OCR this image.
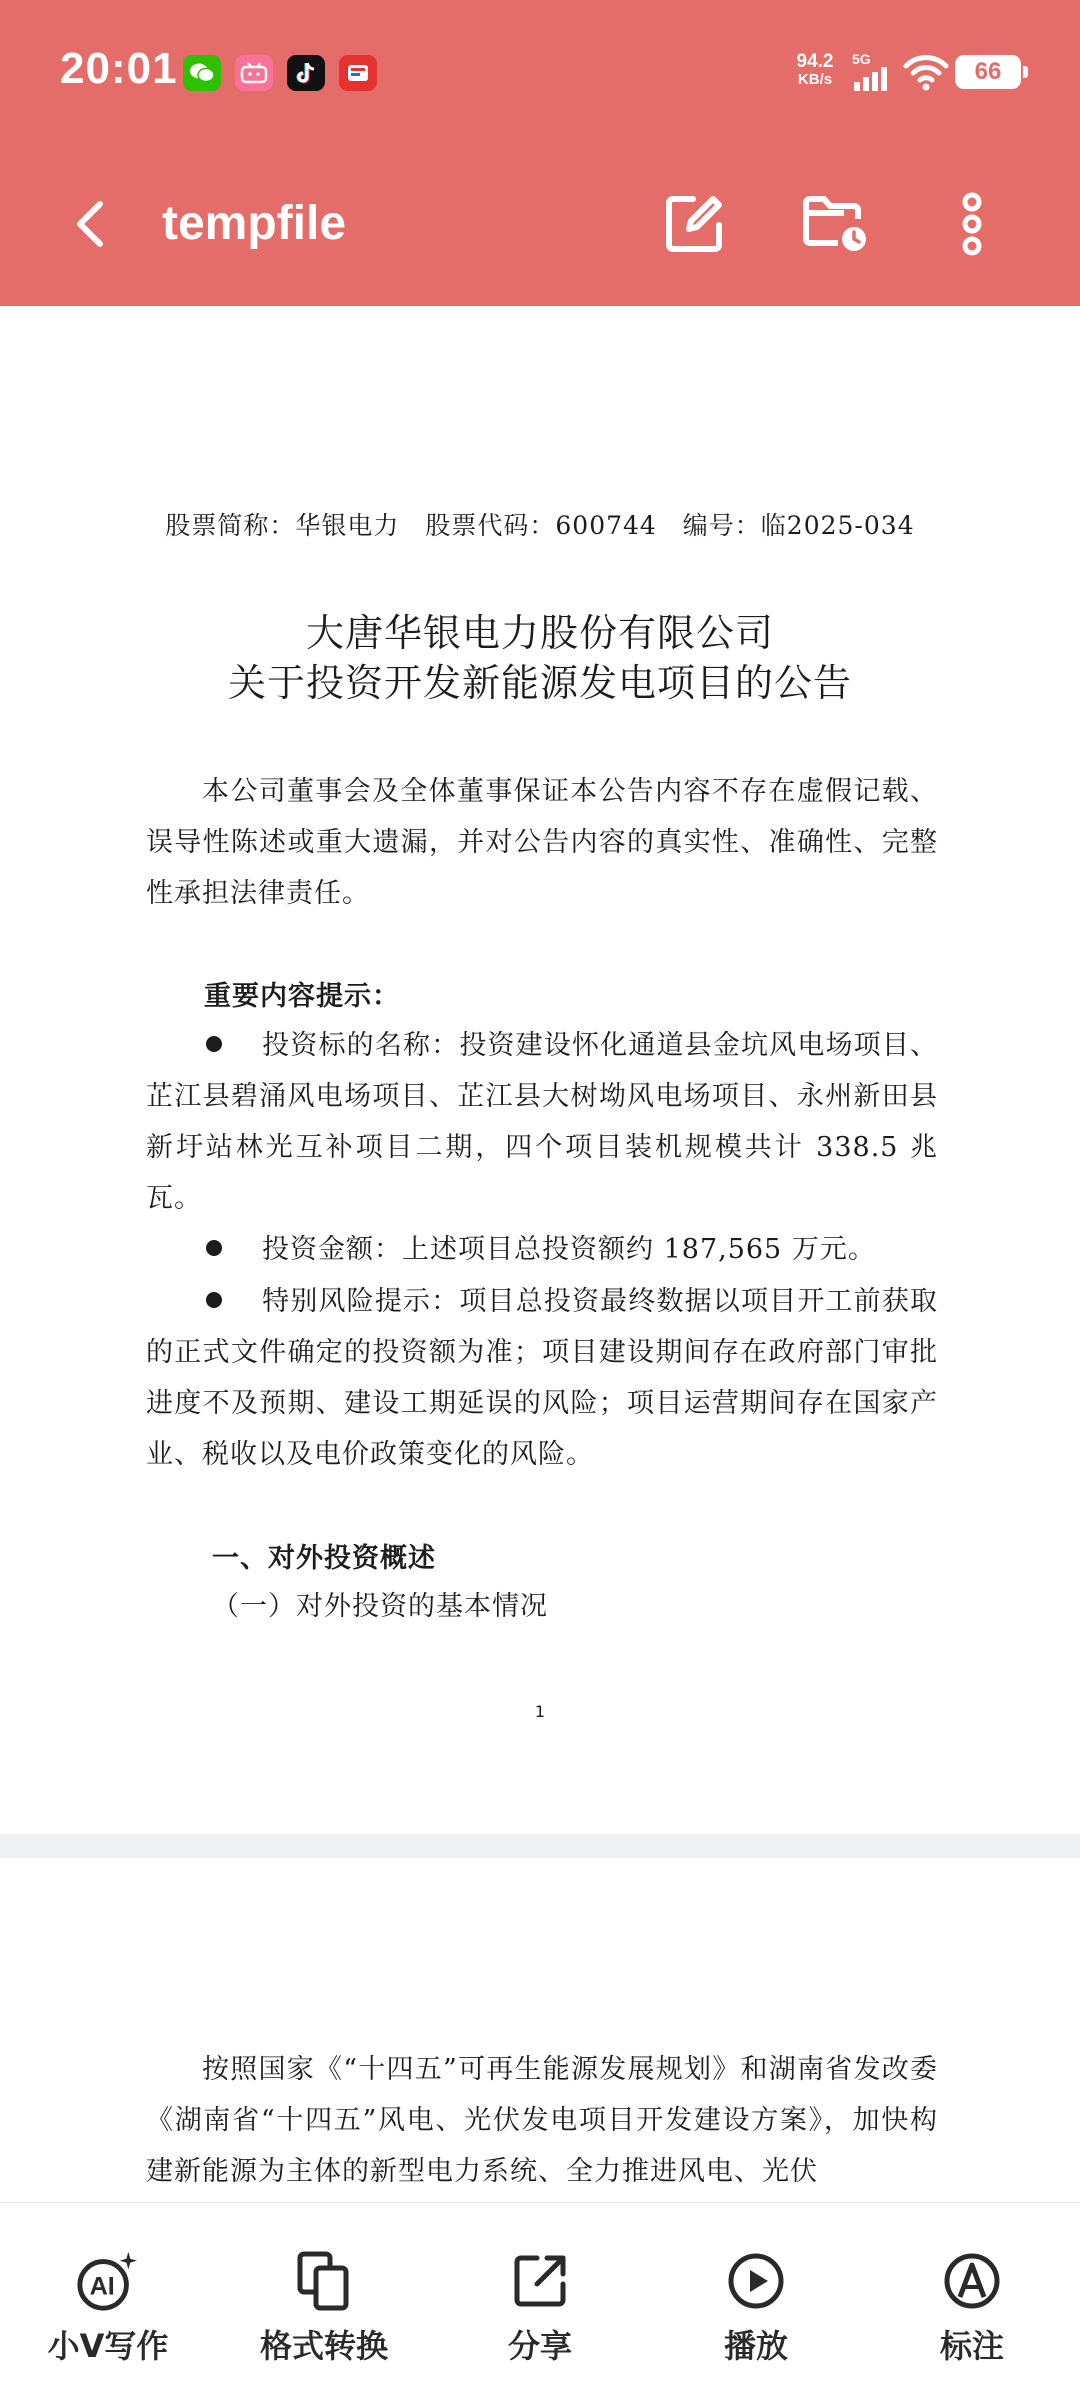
20:01	94.2
KB/s
5G	66
tempfile
股票简称：华银电力　股票代码：600744　编号：临2025-034
大唐华银电力股份有限公司
关于投资开发新能源发电项目的公告
本公司董事会及全体董事保证本公告内容不存在虚假记载、误导性陈述或重大遗漏，并对公告内容的真实性、准确性、完整性承担法律责任。
重要内容提示：
投资标的名称：投资建设怀化通道县金坑风电场项目、芷江县碧涌风电场项目、芷江县大树坳风电场项目、永州新田县新圩站林光互补项目二期，四个项目装机规模共计 338.5 兆瓦。
投资金额：上述项目总投资额约 187,565 万元。
特别风险提示：项目总投资最终数据以项目开工前获取的正式文件确定的投资额为准；项目建设期间存在政府部门审批进度不及预期、建设工期延误的风险；项目运营期间存在国家产业、税收以及电价政策变化的风险。
一、对外投资概述
（一）对外投资的基本情况
1
按照国家《“十四五”可再生能源发展规划》和湖南省发改委《湖南省“十四五”风电、光伏发电项目开发建设方案》，加快构建新能源为主体的新型电力系统、全力推进风电、光伏
AI
小V写作	格式转换	分享	播放	标注
